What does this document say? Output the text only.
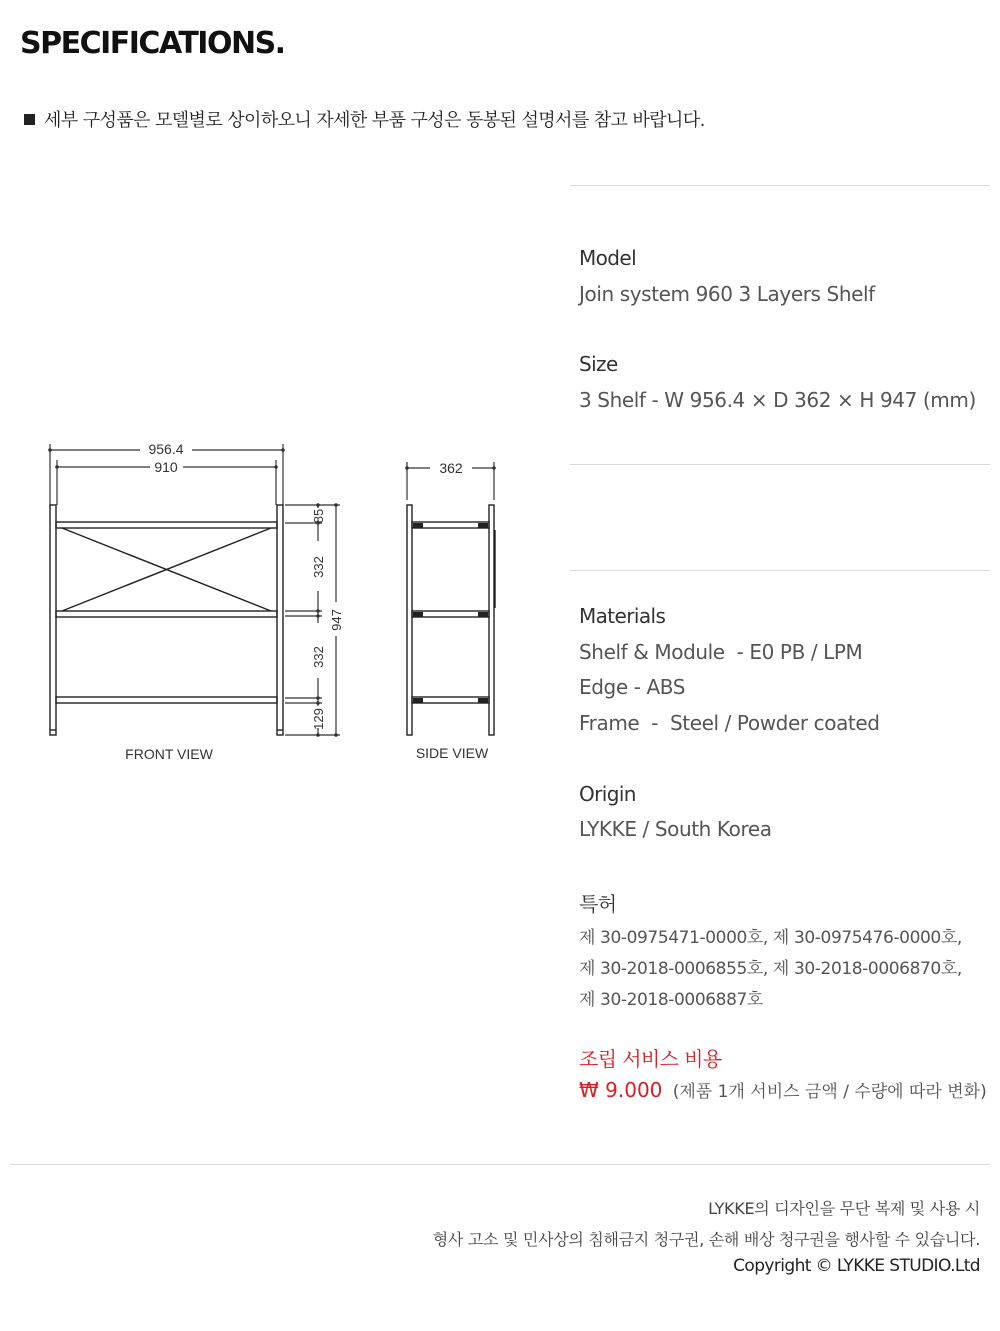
SPECIFICATIONS.
세부 구성품은 모델별로 상이하오니 자세한 부품 구성은 동봉된 설명서를 참고 바랍니다.
956.4
910
85
332
332
129
947
FRONT VIEW
362
SIDE VIEW
Model
Join system 960 3 Layers Shelf
Size
3 Shelf - W 956.4 × D 362 × H 947 (mm)
Materials
Shelf & Module  - E0 PB / LPM
Edge - ABS
Frame  -  Steel / Powder coated
Origin
LYKKE / South Korea
특허
제 30-0975471-0000호, 제 30-0975476-0000호,
제 30-2018-0006855호, 제 30-2018-0006870호,
제 30-2018-0006887호
조립 서비스 비용
₩ 9.000 (제품 1개 서비스 금액 / 수량에 따라 변화)
LYKKE의 디자인을 무단 복제 및 사용 시
형사 고소 및 민사상의 침해금지 청구권, 손해 배상 청구권을 행사할 수 있습니다.
Copyright © LYKKE STUDIO.Ltd
